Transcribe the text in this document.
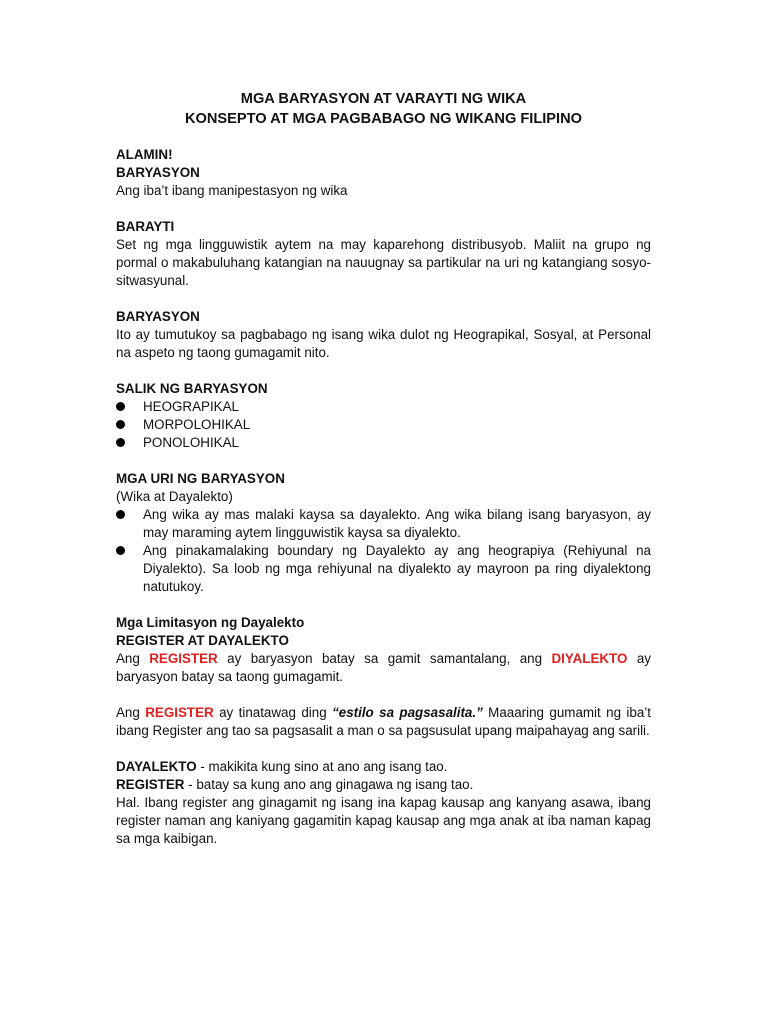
MGA BARYASYON AT VARAYTI NG WIKA

KONSEPTO AT MGA PAGBABAGO NG WIKANG FILIPINO

ALAMIN!

BARYASYON

Ang iba’t ibang manipestasyon ng wika

BARAYTI

Set ng mga lingguwistik aytem na may kaparehong distribusyob. Maliit na grupo ng pormal o makabuluhang katangian na nauugnay sa partikular na uri ng katangiang sosyo-sitwasyunal.

BARYASYON

Ito ay tumutukoy sa pagbabago ng isang wika dulot ng Heograpikal, Sosyal, at Personal na aspeto ng taong gumagamit nito.

SALIK NG BARYASYON

HEOGRAPIKAL
MORPOLOHIKAL
PONOLOHIKAL

MGA URI NG BARYASYON

(Wika at Dayalekto)

Ang wika ay mas malaki kaysa sa dayalekto. Ang wika bilang isang baryasyon, ay may maraming aytem lingguwistik kaysa sa diyalekto.
Ang pinakamalaking boundary ng Dayalekto ay ang heograpiya (Rehiyunal na Diyalekto). Sa loob ng mga rehiyunal na diyalekto ay mayroon pa ring diyalektong natutukoy.

Mga Limitasyon ng Dayalekto

REGISTER AT DAYALEKTO

Ang REGISTER ay baryasyon batay sa gamit samantalang, ang DIYALEKTO ay baryasyon batay sa taong gumagamit.

Ang REGISTER ay tinatawag ding “estilo sa pagsasalita.” Maaaring gumamit ng iba’t ibang Register ang tao sa pagsasalit a man o sa pagsusulat upang maipahayag ang sarili.

DAYALEKTO - makikita kung sino at ano ang isang tao.

REGISTER - batay sa kung ano ang ginagawa ng isang tao.

Hal. Ibang register ang ginagamit ng isang ina kapag kausap ang kanyang asawa, ibang register naman ang kaniyang gagamitin kapag kausap ang mga anak at iba naman kapag sa mga kaibigan.
